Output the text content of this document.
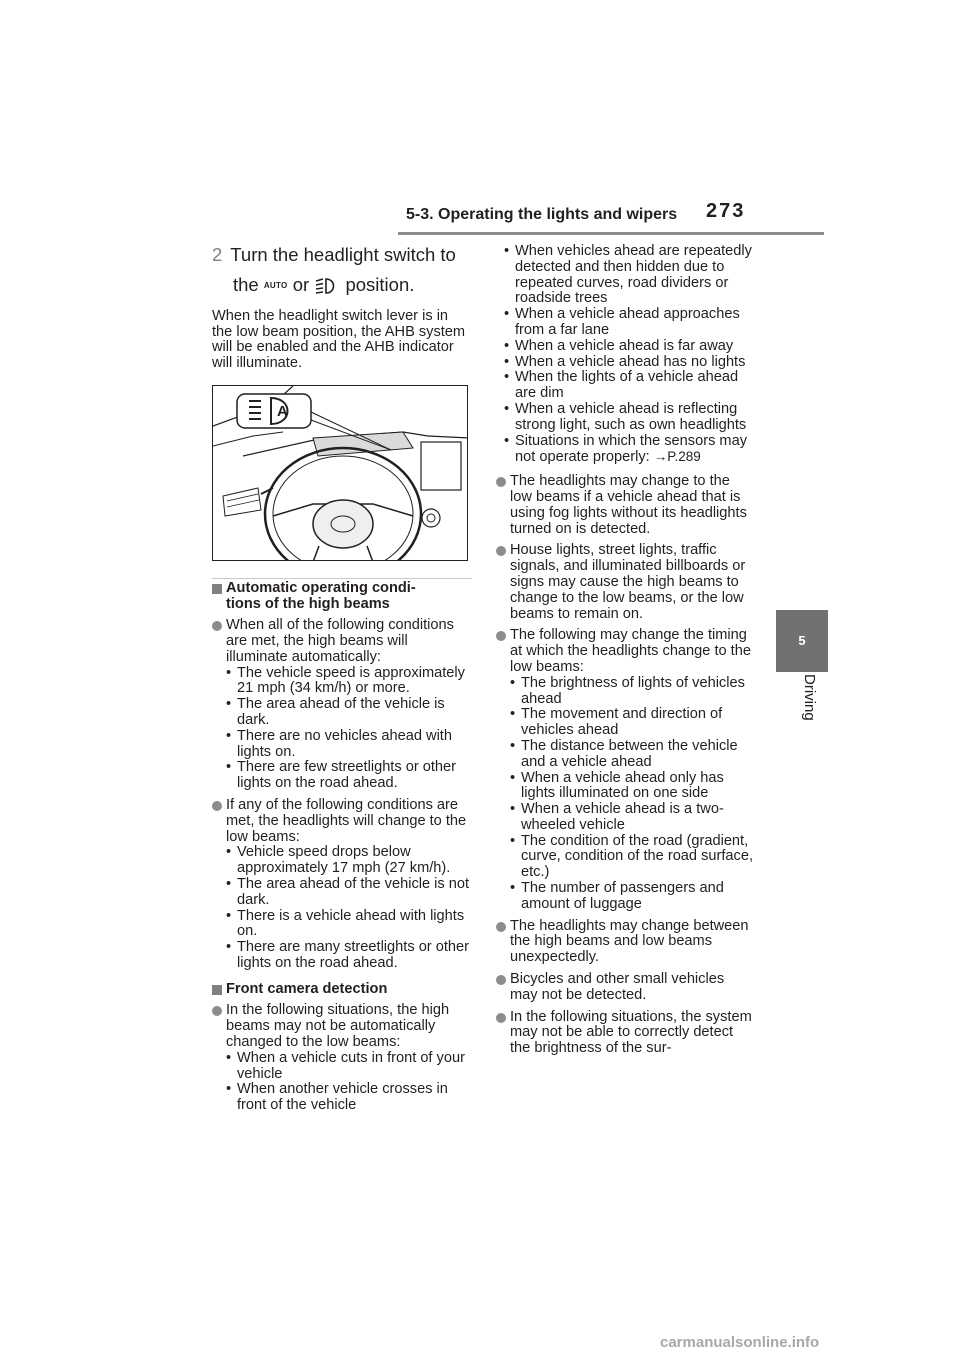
5-3. Operating the lights and wipers 273
5
Driving
2 Turn the headlight switch to
the AUTO or position.
When the headlight switch lever is in the low beam position, the AHB system will be enabled and the AHB indicator will illuminate.
A
Automatic operating condi-
tions of the high beams
When all of the following conditions are met, the high beams will illuminate automatically:
• The vehicle speed is approximately 21 mph (34 km/h) or more.
• The area ahead of the vehicle is dark.
• There are no vehicles ahead with lights on.
• There are few streetlights or other lights on the road ahead.
If any of the following conditions are met, the headlights will change to the low beams:
• Vehicle speed drops below approximately 17 mph (27 km/h).
• The area ahead of the vehicle is not dark.
• There is a vehicle ahead with lights on.
• There are many streetlights or other lights on the road ahead.
Front camera detection
In the following situations, the high beams may not be automatically changed to the low beams:
• When a vehicle cuts in front of your vehicle
• When another vehicle crosses in front of the vehicle
• When vehicles ahead are repeatedly detected and then hidden due to repeated curves, road dividers or roadside trees
• When a vehicle ahead approaches from a far lane
• When a vehicle ahead is far away
• When a vehicle ahead has no lights
• When the lights of a vehicle ahead are dim
• When a vehicle ahead is reflecting strong light, such as own headlights
• Situations in which the sensors may not operate properly: →P.289
The headlights may change to the low beams if a vehicle ahead that is using fog lights without its headlights turned on is detected.
House lights, street lights, traffic signals, and illuminated billboards or signs may cause the high beams to change to the low beams, or the low beams to remain on.
The following may change the timing at which the headlights change to the low beams:
• The brightness of lights of vehicles ahead
• The movement and direction of vehicles ahead
• The distance between the vehicle and a vehicle ahead
• When a vehicle ahead only has lights illuminated on one side
• When a vehicle ahead is a two-wheeled vehicle
• The condition of the road (gradient, curve, condition of the road surface, etc.)
• The number of passengers and amount of luggage
The headlights may change between the high beams and low beams unexpectedly.
Bicycles and other small vehicles may not be detected.
In the following situations, the system may not be able to correctly detect the brightness of the sur-
carmanualsonline.info
